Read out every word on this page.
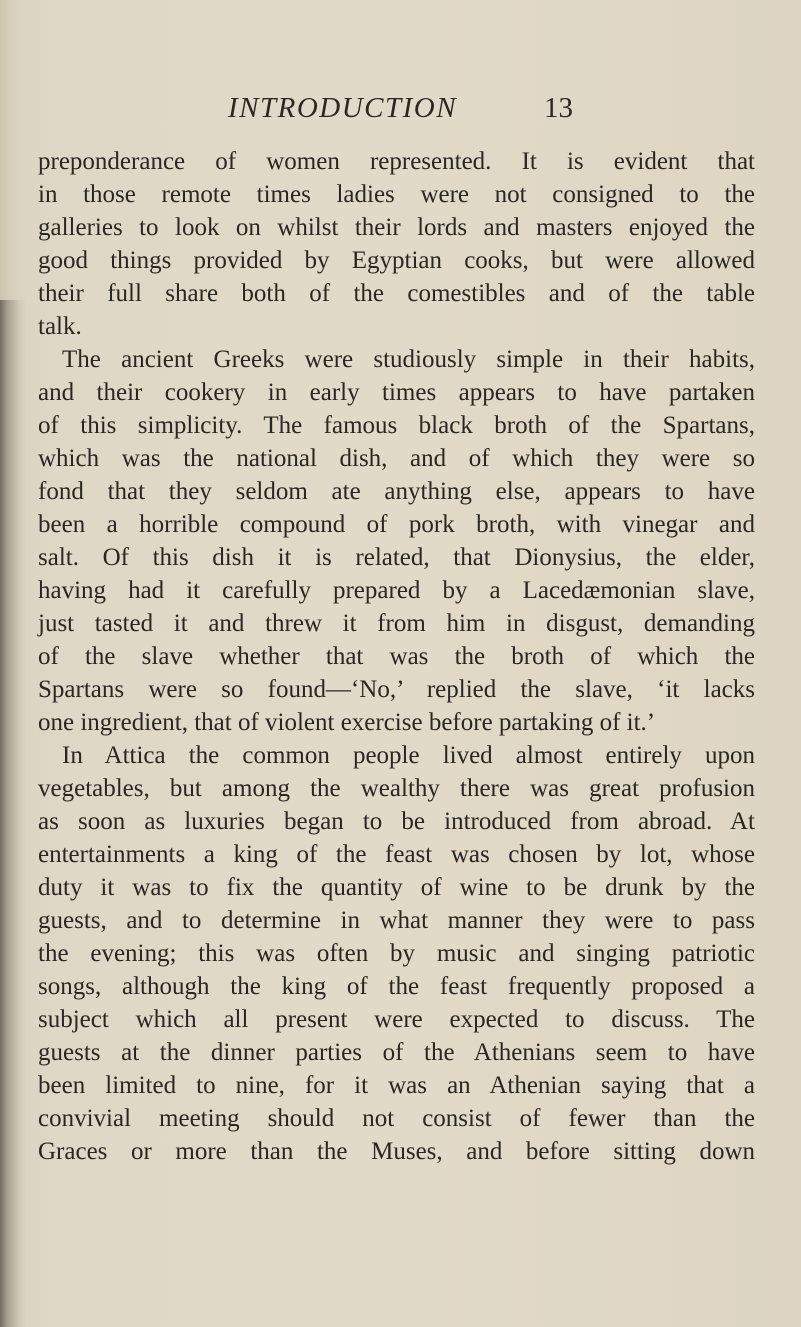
INTRODUCTION	13
preponderance of women represented. It is evident that
in those remote times ladies were not consigned to the
galleries to look on whilst their lords and masters enjoyed the
good things provided by Egyptian cooks, but were allowed
their full share both of the comestibles and of the table
talk.
The ancient Greeks were studiously simple in their habits,
and their cookery in early times appears to have partaken
of this simplicity. The famous black broth of the Spartans,
which was the national dish, and of which they were so
fond that they seldom ate anything else, appears to have
been a horrible compound of pork broth, with vinegar and
salt. Of this dish it is related, that Dionysius, the elder,
having had it carefully prepared by a Lacedæmonian slave,
just tasted it and threw it from him in disgust, demanding
of the slave whether that was the broth of which the
Spartans were so found—‘No,’ replied the slave, ‘it lacks
one ingredient, that of violent exercise before partaking of it.’
In Attica the common people lived almost entirely upon
vegetables, but among the wealthy there was great profusion
as soon as luxuries began to be introduced from abroad. At
entertainments a king of the feast was chosen by lot, whose
duty it was to fix the quantity of wine to be drunk by the
guests, and to determine in what manner they were to pass
the evening; this was often by music and singing patriotic
songs, although the king of the feast frequently proposed a
subject which all present were expected to discuss. The
guests at the dinner parties of the Athenians seem to have
been limited to nine, for it was an Athenian saying that a
convivial meeting should not consist of fewer than the
Graces or more than the Muses, and before sitting down
